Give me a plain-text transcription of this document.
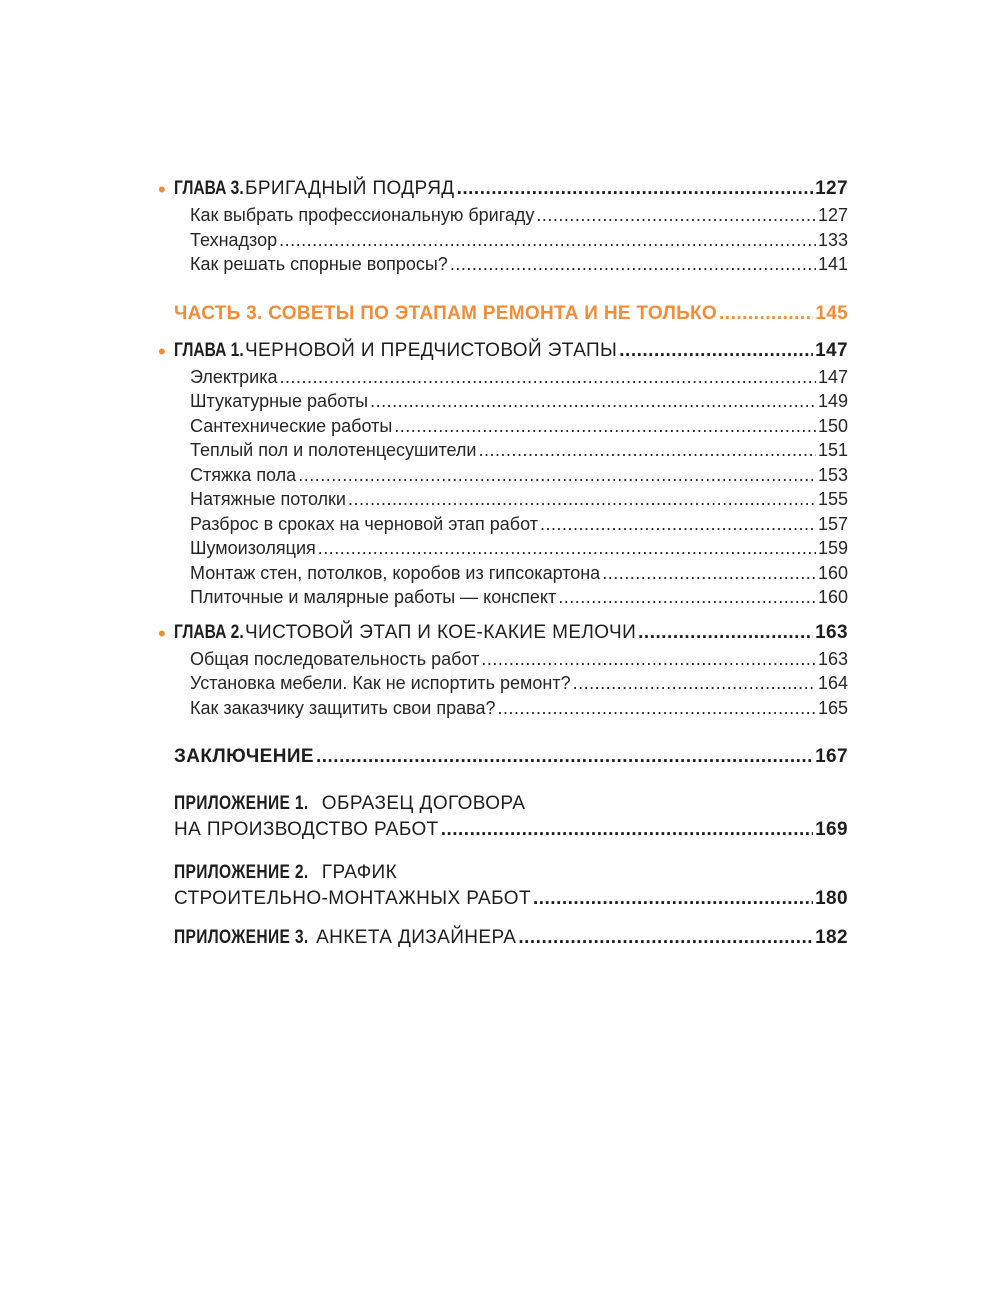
• ГЛАВА 3. БРИГАДНЫЙ ПОДРЯД .....	127
Как выбрать профессиональную бригаду .....	127
Технадзор .....	133
Как решать спорные вопросы? .....	141
ЧАСТЬ 3. СОВЕТЫ ПО ЭТАПАМ РЕМОНТА И НЕ ТОЛЬКО .....	145
• ГЛАВА 1. ЧЕРНОВОЙ И ПРЕДЧИСТОВОЙ ЭТАПЫ .....	147
Электрика .....	147
Штукатурные работы .....	149
Сантехнические работы .....	150
Теплый пол и полотенцесушители .....	151
Стяжка пола .....	153
Натяжные потолки .....	155
Разброс в сроках на черновой этап работ .....	157
Шумоизоляция .....	159
Монтаж стен, потолков, коробов из гипсокартона .....	160
Плиточные и малярные работы — конспект .....	160
• ГЛАВА 2. ЧИСТОВОЙ ЭТАП И КОЕ-КАКИЕ МЕЛОЧИ .....	163
Общая последовательность работ .....	163
Установка мебели. Как не испортить ремонт? .....	164
Как заказчику защитить свои права? .....	165
ЗАКЛЮЧЕНИЕ .....	167
ПРИЛОЖЕНИЕ 1. ОБРАЗЕЦ ДОГОВОРА
НА ПРОИЗВОДСТВО РАБОТ .....	169
ПРИЛОЖЕНИЕ 2. ГРАФИК
СТРОИТЕЛЬНО-МОНТАЖНЫХ РАБОТ .....	180
ПРИЛОЖЕНИЕ 3. АНКЕТА ДИЗАЙНЕРА .....	182
